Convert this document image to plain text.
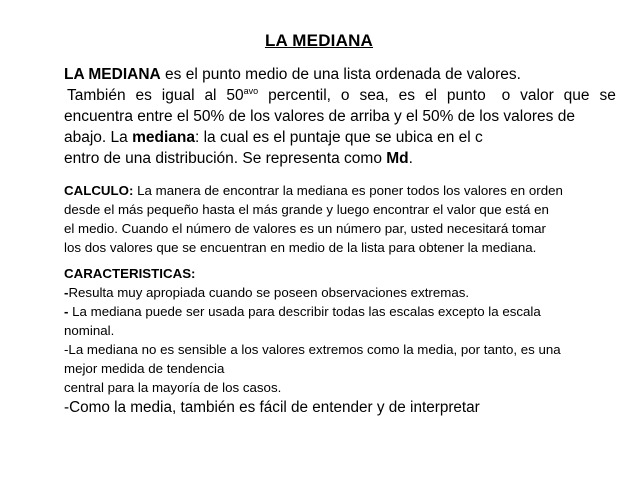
LA MEDIANA
LA MEDIANA es el punto medio de una lista ordenada de valores.
También es igual al $50^{avo}$ percentil, o sea, es el punto o valor que se
encuentra entre el 50% de los valores de arriba y el 50% de los valores de
abajo. La mediana: la cual es el puntaje que se ubica en el c
entro de una distribución. Se representa como Md.
CALCULO: La manera de encontrar la mediana es poner todos los valores en orden
desde el más pequeño hasta el más grande y luego encontrar el valor que está en
el medio. Cuando el número de valores es un número par, usted necesitará tomar
los dos valores que se encuentran en medio de la lista para obtener la mediana.
CARACTERISTICAS:
-Resulta muy apropiada cuando se poseen observaciones extremas.
- La mediana puede ser usada para describir todas las escalas excepto la escala
nominal.
-La mediana no es sensible a los valores extremos como la media, por tanto, es una
mejor medida de tendencia
central para la mayoría de los casos.
-Como la media, también es fácil de entender y de interpretar
